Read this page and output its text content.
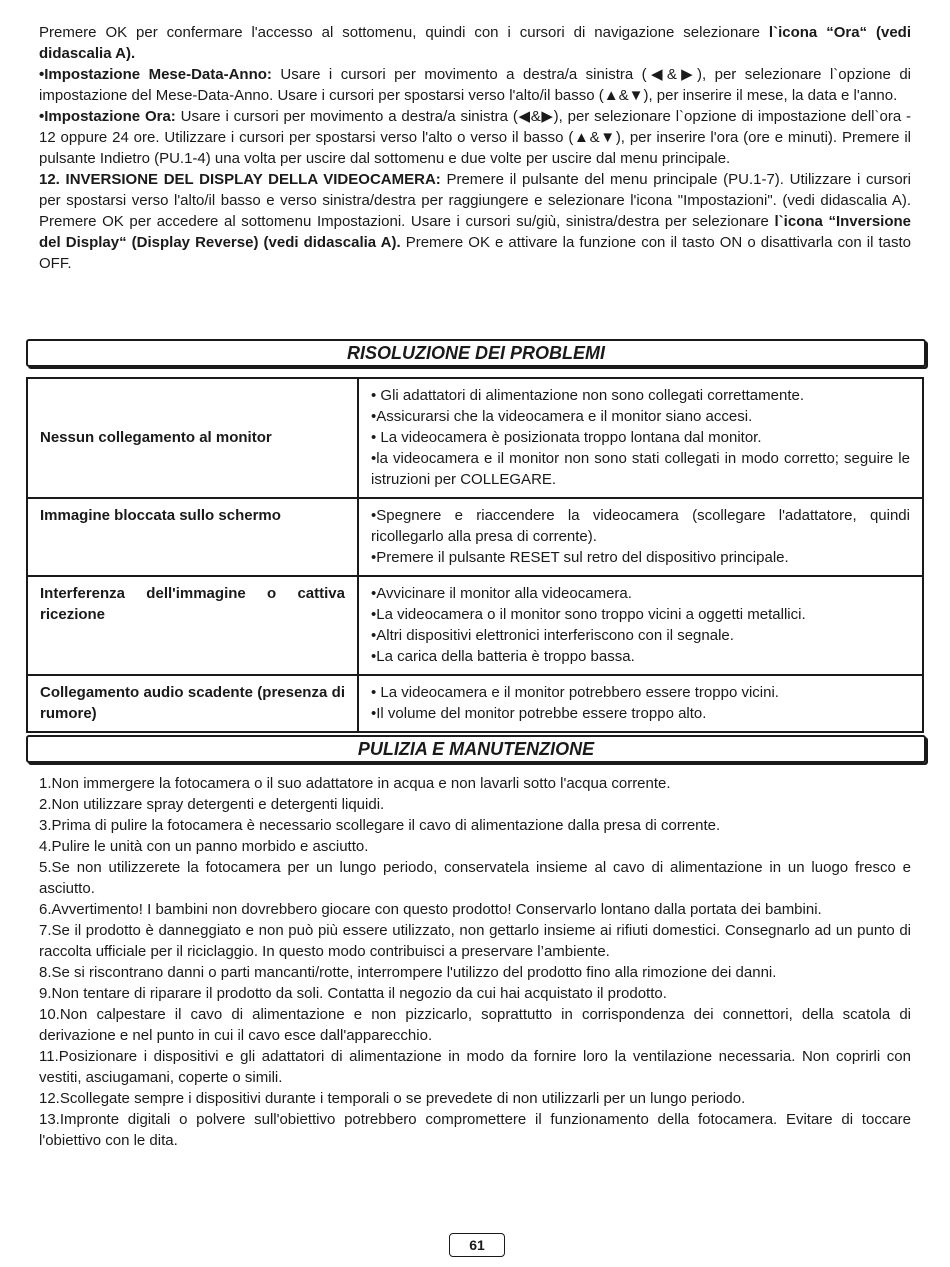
Premere OK per confermare l'accesso al sottomenu, quindi con i cursori di navigazione selezionare l`icona “Ora“ (vedi didascalia A).

•Impostazione Mese-Data-Anno: Usare i cursori per movimento a destra/a sinistra (◀&▶), per selezionare l`opzione di impostazione del Mese-Data-Anno. Usare i cursori per spostarsi verso l'alto/il basso (▲&▼), per inserire il mese, la data e l'anno.

•Impostazione Ora: Usare i cursori per movimento a destra/a sinistra (◀&▶), per selezionare l`opzione di impostazione dell`ora - 12 oppure 24 ore. Utilizzare i cursori per spostarsi verso l'alto o verso il basso (▲&▼), per inserire l'ora (ore e minuti). Premere il pulsante Indietro (PU.1-4) una volta per uscire dal sottomenu e due volte per uscire dal menu principale.

12. INVERSIONE DEL DISPLAY DELLA VIDEOCAMERA: Premere il pulsante del menu principale (PU.1-7). Utilizzare i cursori per spostarsi verso l'alto/il basso e verso sinistra/destra per raggiungere e selezionare l'icona "Impostazioni". (vedi didascalia A). Premere OK per accedere al sottomenu Impostazioni. Usare i cursori su/giù, sinistra/destra per selezionare l`icona “Inversione del Display“ (Display Reverse) (vedi didascalia A). Premere OK e attivare la funzione con il tasto ON o disattivarla con il tasto OFF.

RISOLUZIONE DEI PROBLEMI
Nessun collegamento al monitor	• Gli adattatori di alimentazione non sono collegati correttamente.
•Assicurarsi che la videocamera e il monitor siano accesi.
• La videocamera è posizionata troppo lontana dal monitor.
•la videocamera e il monitor non sono stati collegati in modo corretto; seguire le istruzioni per COLLEGARE.

Immagine bloccata sullo schermo	•Spegnere e riaccendere la videocamera (scollegare l'adattatore, quindi ricollegarlo alla presa di corrente).
•Premere il pulsante RESET sul retro del dispositivo principale.

Interferenza dell'immagine o cattiva ricezione	•Avvicinare il monitor alla videocamera.
•La videocamera o il monitor sono troppo vicini a oggetti metallici.
•Altri dispositivi elettronici interferiscono con il segnale.
•La carica della batteria è troppo bassa.

Collegamento audio scadente (presenza di rumore)	• La videocamera e il monitor potrebbero essere troppo vicini.
•Il volume del monitor potrebbe essere troppo alto.
PULIZIA E MANUTENZIONE
1.Non immergere la fotocamera o il suo adattatore in acqua e non lavarli sotto l'acqua corrente.
2.Non utilizzare spray detergenti e detergenti liquidi.
3.Prima di pulire la fotocamera è necessario scollegare il cavo di alimentazione dalla presa di corrente.
4.Pulire le unità con un panno morbido e asciutto.
5.Se non utilizzerete la fotocamera per un lungo periodo, conservatela insieme al cavo di alimentazione in un luogo fresco e asciutto.
6.Avvertimento! I bambini non dovrebbero giocare con questo prodotto! Conservarlo lontano dalla portata dei bambini.
7.Se il prodotto è danneggiato e non può più essere utilizzato, non gettarlo insieme ai rifiuti domestici. Consegnarlo ad un punto di raccolta ufficiale per il riciclaggio. In questo modo contribuisci a preservare l’ambiente.
8.Se si riscontrano danni o parti mancanti/rotte, interrompere l'utilizzo del prodotto fino alla rimozione dei danni.
9.Non tentare di riparare il prodotto da soli. Contatta il negozio da cui hai acquistato il prodotto.
10.Non calpestare il cavo di alimentazione e non pizzicarlo, soprattutto in corrispondenza dei connettori, della scatola di derivazione e nel punto in cui il cavo esce dall'apparecchio.
11.Posizionare i dispositivi e gli adattatori di alimentazione in modo da fornire loro la ventilazione necessaria. Non coprirli con vestiti, asciugamani, coperte o simili.
12.Scollegate sempre i dispositivi durante i temporali o se prevedete di non utilizzarli per un lungo periodo.
13.Impronte digitali o polvere sull'obiettivo potrebbero compromettere il funzionamento della fotocamera. Evitare di toccare l'obiettivo con le dita.
61
